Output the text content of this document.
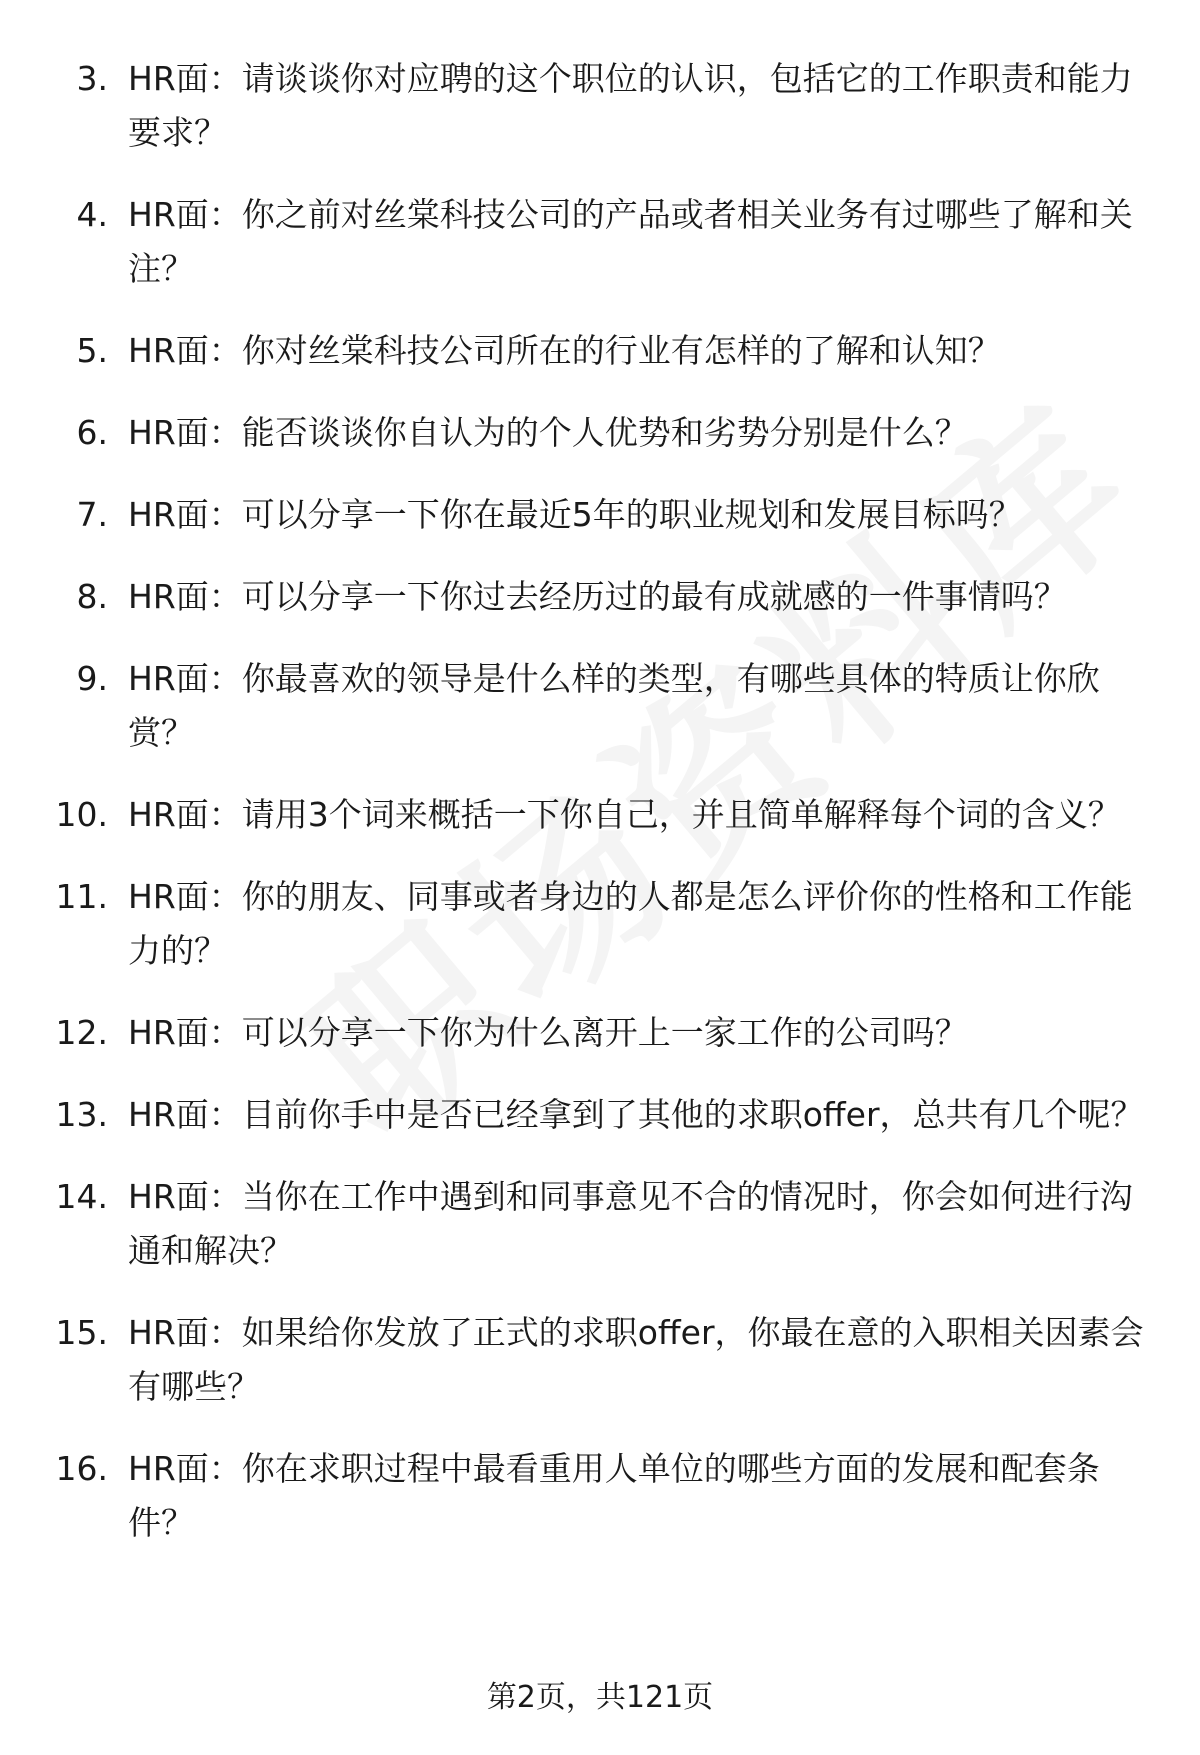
3. HR面：请谈谈你对应聘的这个职位的认识，包括它的工作职责和能力要求？
4. HR面：你之前对丝棠科技公司的产品或者相关业务有过哪些了解和关注？
5. HR面：你对丝棠科技公司所在的行业有怎样的了解和认知？
6. HR面：能否谈谈你自认为的个人优势和劣势分别是什么？
7. HR面：可以分享一下你在最近5年的职业规划和发展目标吗？
8. HR面：可以分享一下你过去经历过的最有成就感的一件事情吗？
9. HR面：你最喜欢的领导是什么样的类型，有哪些具体的特质让你欣赏？
10. HR面：请用3个词来概括一下你自己，并且简单解释每个词的含义？
11. HR面：你的朋友、同事或者身边的人都是怎么评价你的性格和工作能力的？
12. HR面：可以分享一下你为什么离开上一家工作的公司吗？
13. HR面：目前你手中是否已经拿到了其他的求职offer，总共有几个呢？
14. HR面：当你在工作中遇到和同事意见不合的情况时，你会如何进行沟通和解决？
15. HR面：如果给你发放了正式的求职offer，你最在意的入职相关因素会有哪些？
16. HR面：你在求职过程中最看重用人单位的哪些方面的发展和配套条件？
第2页，共121页
